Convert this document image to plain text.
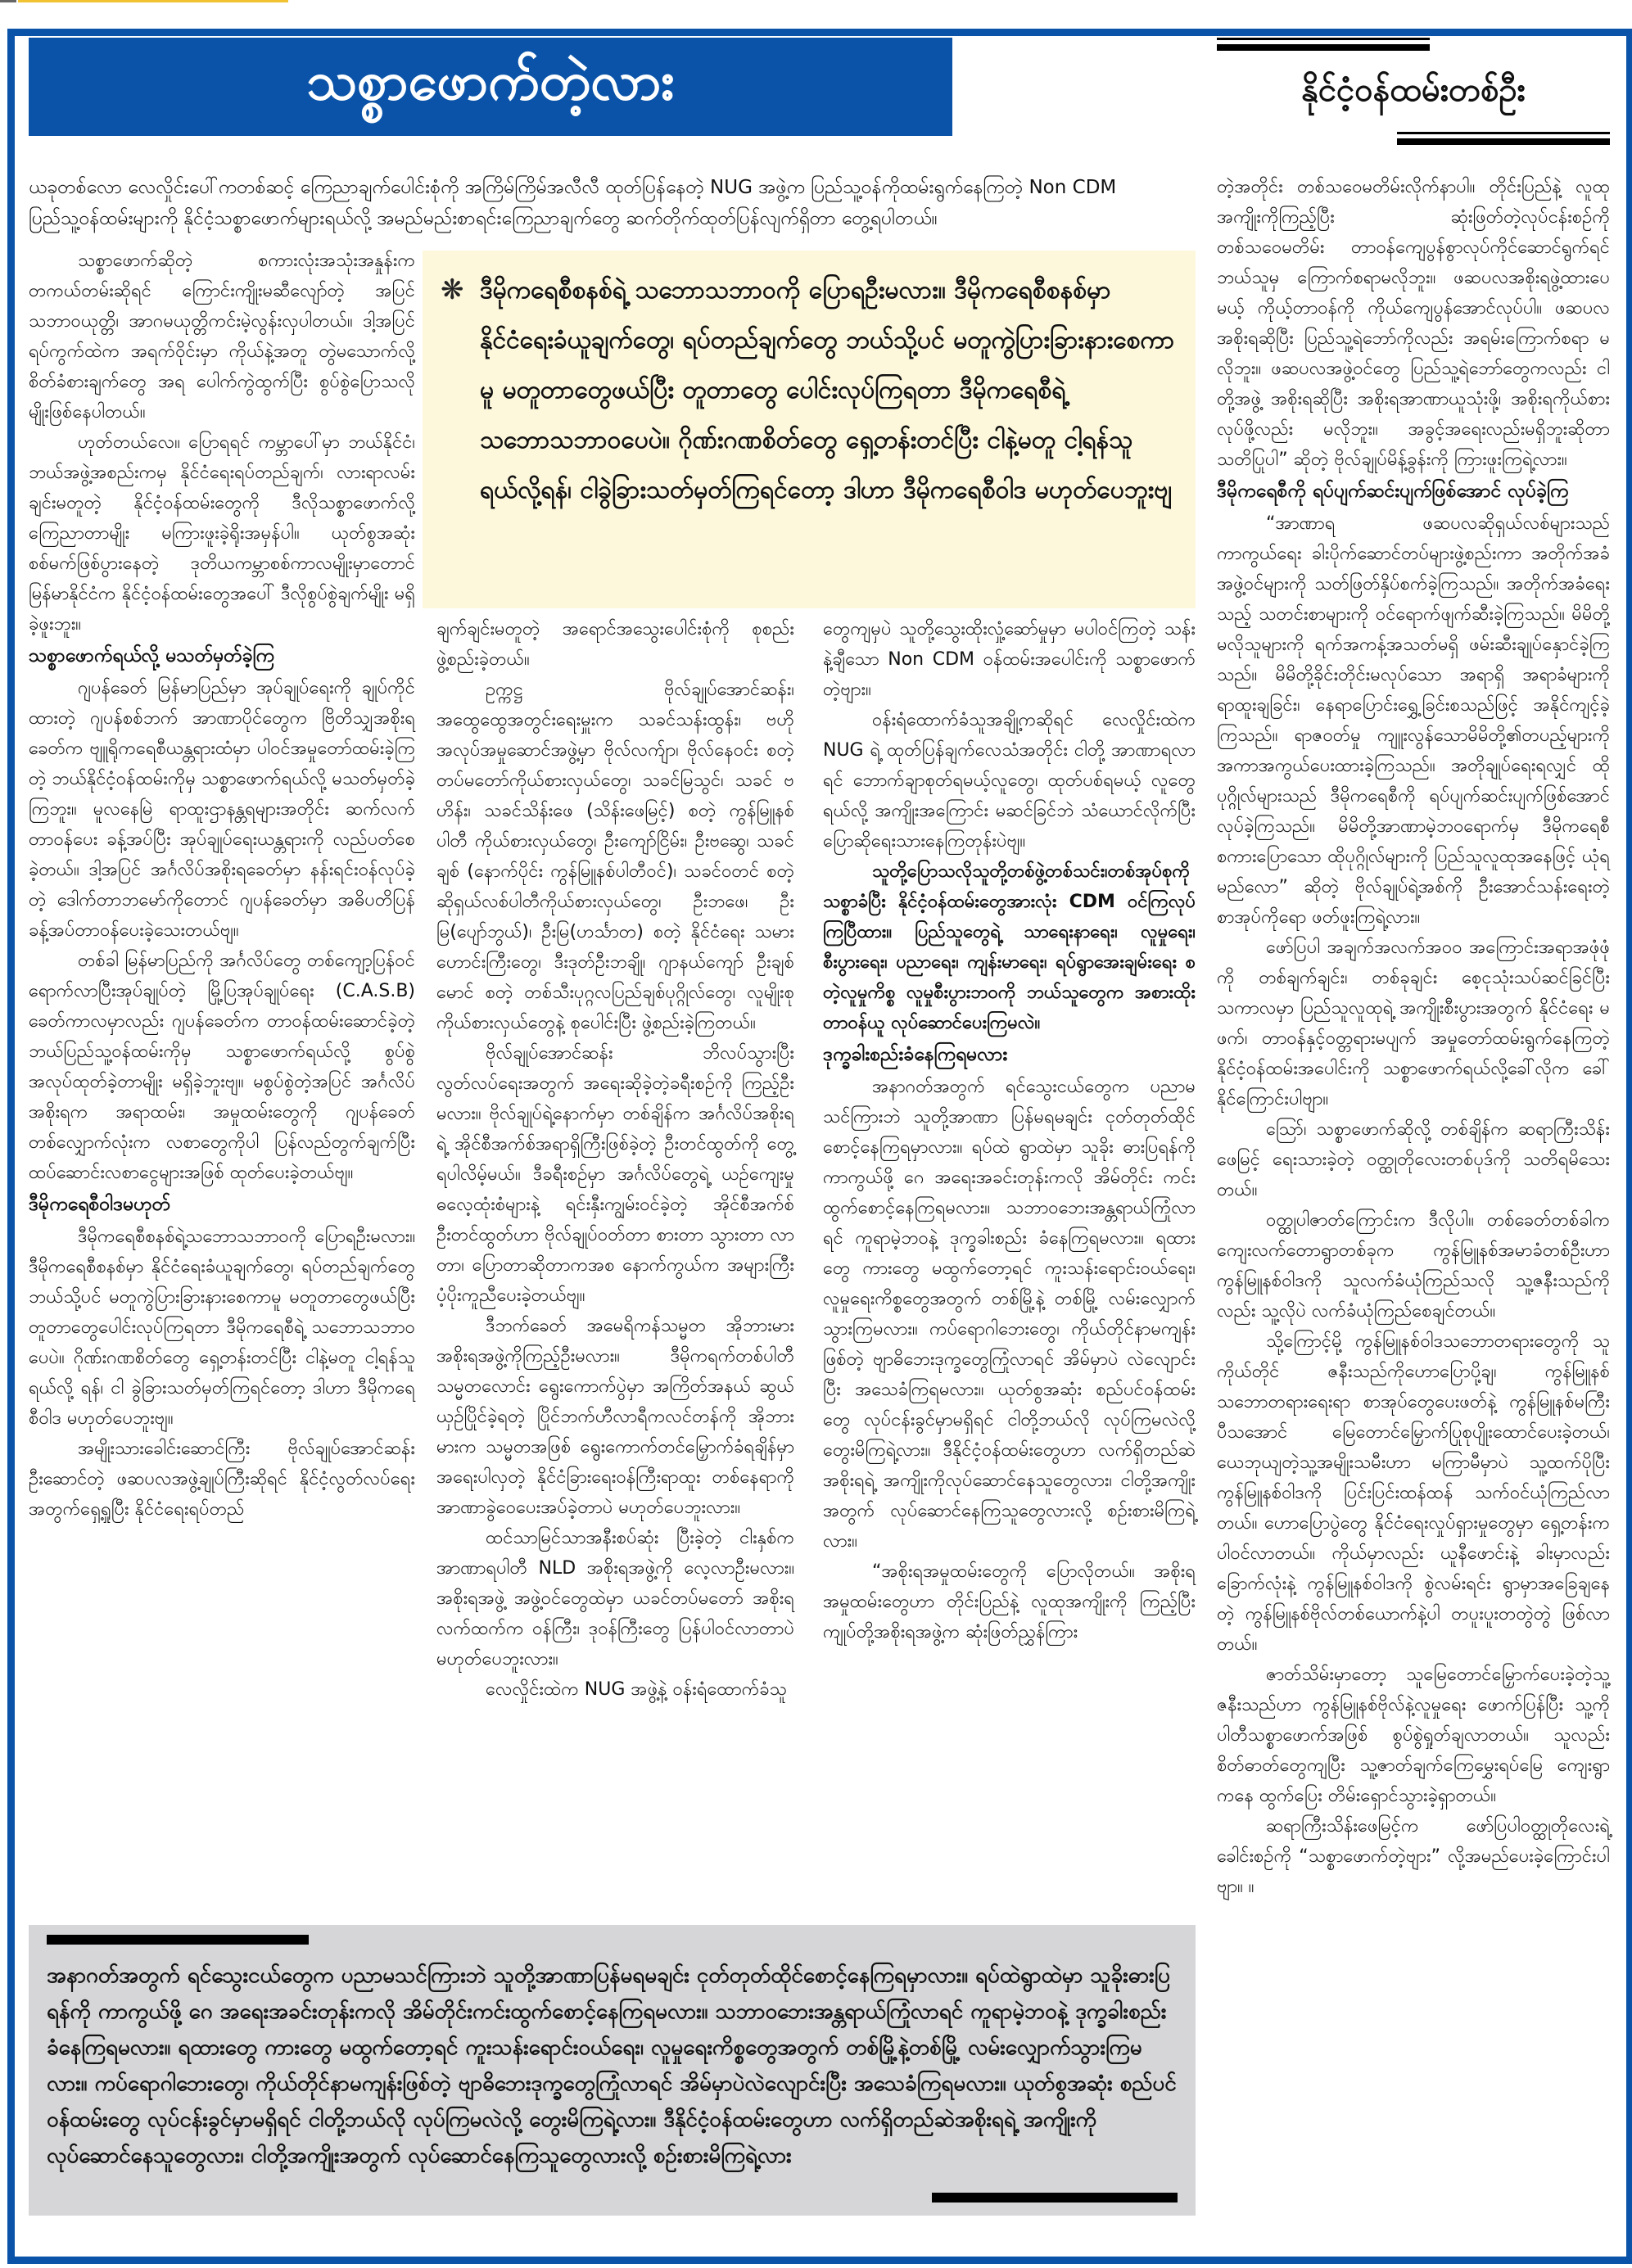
သစ္စာဖောက်တဲ့လား	နိုင်ငံ့ဝန်ထမ်းတစ်ဦး
ယခုတစ်လော လေလှိုင်းပေါ်ကတစ်ဆင့် ကြေညာချက်ပေါင်းစုံကို အကြိမ်ကြိမ်အလီလီ ထုတ်ပြန်နေတဲ့ NUG အဖွဲ့က ပြည်သူ့ဝန်ကိုထမ်းရွက်နေကြတဲ့ Non CDM ပြည်သူ့ဝန်ထမ်းများကို နိုင်ငံ့သစ္စာဖောက်များရယ်လို့ အမည်မည်းစာရင်းကြေညာချက်တွေ ဆက်တိုက်ထုတ်ပြန်လျက်ရှိတာ တွေ့ရပါတယ်။

သစ္စာဖောက်ဆိုတဲ့ စကားလုံးအသုံးအနှုန်းက တကယ်တမ်းဆိုရင် ကြောင်းကျိုးမဆီလျော်တဲ့ အပြင် သဘာဝယုတ္တိ၊ အာဂမယုတ္တိကင်းမဲ့လွန်းလှပါတယ်။ ဒါ့အပြင် ရပ်ကွက်ထဲက အရက်ဝိုင်းမှာ ကိုယ်နဲ့အတူ တွဲမသောက်လို့ စိတ်ခံစားချက်တွေ အရ ပေါက်ကွဲထွက်ပြီး စွပ်စွဲပြောသလိုမျိုးဖြစ်နေပါတယ်။

ဟုတ်တယ်လေ။ ပြောရရင် ကမ္ဘာပေါ်မှာ ဘယ်နိုင်ငံ၊ ဘယ်အဖွဲ့အစည်းကမှ နိုင်ငံရေးရပ်တည်ချက်၊ လားရာလမ်းချင်းမတူတဲ့ နိုင်ငံ့ဝန်ထမ်းတွေကို ဒီလိုသစ္စာဖောက်လို့ ကြေညာတာမျိုး မကြားဖူးခဲ့ရိုးအမှန်ပါ။ ယုတ်စွအဆုံး စစ်မက်ဖြစ်ပွားနေတဲ့ ဒုတိယကမ္ဘာစစ်ကာလမျိုးမှာတောင် မြန်မာနိုင်ငံက နိုင်ငံ့ဝန်ထမ်းတွေအပေါ် ဒီလိုစွပ်စွဲချက်မျိုး မရှိခဲ့ဖူးဘူး။

သစ္စာဖောက်ရယ်လို့ မသတ်မှတ်ခဲ့ကြ

ဂျပန်ခေတ် မြန်မာပြည်မှာ အုပ်ချုပ်ရေးကို ချုပ်ကိုင်ထားတဲ့ ဂျပန်စစ်ဘက် အာဏာပိုင်တွေက ဗြိတိသျှအစိုးရခေတ်က ဗျူရိုကရေစီယန္တရားထံမှာ ပါဝင်အမှုတော်ထမ်းခဲ့ကြတဲ့ ဘယ်နိုင်ငံ့ဝန်ထမ်းကိုမှ သစ္စာဖောက်ရယ်လို့ မသတ်မှတ်ခဲ့ကြဘူး။ မူလနေမြဲ ရာထူးဌာနန္တရများအတိုင်း ဆက်လက်တာဝန်ပေး ခန့်အပ်ပြီး အုပ်ချုပ်ရေးယန္တရားကို လည်ပတ်စေခဲ့တယ်။ ဒါ့အပြင် အင်္ဂလိပ်အစိုးရခေတ်မှာ နန်းရင်းဝန်လုပ်ခဲ့တဲ့ ဒေါက်တာဘမော်ကိုတောင် ဂျပန်ခေတ်မှာ အဓိပတိပြန်ခန့်အပ်တာဝန်ပေးခဲ့သေးတယ်ဗျ။

တစ်ခါ မြန်မာပြည်ကို အင်္ဂလိပ်တွေ တစ်ကျော့ပြန်ဝင်ရောက်လာပြီးအုပ်ချုပ်တဲ့ မြို့ပြအုပ်ချုပ်ရေး (C.A.S.B) ခေတ်ကာလမှာလည်း ဂျပန်ခေတ်က တာဝန်ထမ်းဆောင်ခဲ့တဲ့ ဘယ်ပြည်သူ့ဝန်ထမ်းကိုမှ သစ္စာဖောက်ရယ်လို့ စွပ်စွဲအလုပ်ထုတ်ခဲ့တာမျိုး မရှိခဲ့ဘူးဗျ။ မစွပ်စွဲတဲ့အပြင် အင်္ဂလိပ်အစိုးရက အရာထမ်း၊ အမှုထမ်းတွေကို ဂျပန်ခေတ်တစ်လျှောက်လုံးက လစာတွေကိုပါ ပြန်လည်တွက်ချက်ပြီး ထပ်ဆောင်းလစာငွေများအဖြစ် ထုတ်ပေးခဲ့တယ်ဗျ။

ဒီမိုကရေစီဝါဒမဟုတ်

ဒီမိုကရေစီစနစ်ရဲ့သဘောသဘာဝကို ပြောရဦးမလား။ ဒီမိုကရေစီစနစ်မှာ နိုင်ငံရေးခံယူချက်တွေ၊ ရပ်တည်ချက်တွေ ဘယ်သို့ပင် မတူကွဲပြားခြားနားစေကာမူ မတူတာတွေဖယ်ပြီး တူတာတွေပေါင်းလုပ်ကြရတာ ဒီမိုကရေစီရဲ့ သဘောသဘာဝပေပဲ။ ဂိုဏ်းဂဏစိတ်တွေ ရှေ့တန်းတင်ပြီး ငါနဲ့မတူ ငါ့ရန်သူရယ်လို့ ရန်၊ ငါ ခွဲခြားသတ်မှတ်ကြရင်တော့ ဒါဟာ ဒီမိုကရေစီဝါဒ မဟုတ်ပေဘူးဗျ။

အမျိုးသားခေါင်းဆောင်ကြီး ဗိုလ်ချုပ်အောင်ဆန်း ဦးဆောင်တဲ့ ဖဆပလအဖွဲ့ချုပ်ကြီးဆိုရင် နိုင်ငံ့လွတ်လပ်ရေးအတွက်ရှေ့ရှုပြီး နိုင်ငံရေးရပ်တည်

❋ ဒီမိုကရေစီစနစ်ရဲ့ သဘောသဘာဝကို ပြောရဦးမလား။ ဒီမိုကရေစီစနစ်မှာ နိုင်ငံရေးခံယူချက်တွေ၊ ရပ်တည်ချက်တွေ ဘယ်သို့ပင် မတူကွဲပြားခြားနားစေကာမူ မတူတာတွေဖယ်ပြီး တူတာတွေ ပေါင်းလုပ်ကြရတာ ဒီမိုကရေစီရဲ့ သဘောသဘာဝပေပဲ။ ဂိုဏ်းဂဏစိတ်တွေ ရှေ့တန်းတင်ပြီး ငါနဲ့မတူ ငါ့ရန်သူ ရယ်လို့ရန်၊ ငါခွဲခြားသတ်မှတ်ကြရင်တော့ ဒါဟာ ဒီမိုကရေစီဝါဒ မဟုတ်ပေဘူးဗျ

ချက်ချင်းမတူတဲ့ အရောင်အသွေးပေါင်းစုံကို စုစည်းဖွဲ့စည်းခဲ့တယ်။

ဥက္ကဋ္ဌ ဗိုလ်ချုပ်အောင်ဆန်း၊ အထွေထွေအတွင်းရေးမှူးက သခင်သန်းထွန်း၊ ဗဟိုအလုပ်အမှုဆောင်အဖွဲ့မှာ ဗိုလ်လက်ျာ၊ ဗိုလ်နေဝင်း စတဲ့ တပ်မတော်ကိုယ်စားလှယ်တွေ၊ သခင်မြသွင်၊ သခင် ဗဟိန်း၊ သခင်သိန်းဖေ (သိန်းဖေမြင့်) စတဲ့ ကွန်မြူနစ်ပါတီ ကိုယ်စားလှယ်တွေ၊ ဦးကျော်ငြိမ်း၊ ဦးဗဆွေ၊ သခင်ချစ် (နောက်ပိုင်း ကွန်မြူနစ်ပါတီဝင်)၊ သခင်ဝတင် စတဲ့ ဆိုရှယ်လစ်ပါတီကိုယ်စားလှယ်တွေ၊ ဦးဘဖေ၊ ဦးမြ(ပျော်ဘွယ်)၊ ဦးမြ(ဟင်္သာတ) စတဲ့ နိုင်ငံရေး သမားဟောင်းကြီးတွေ၊ ဒီးဒုတ်ဦးဘချို၊ ဂျာနယ်ကျော် ဦးချစ်မောင် စတဲ့ တစ်သီးပုဂ္ဂလပြည်ချစ်ပုဂ္ဂိုလ်တွေ၊ လူမျိုးစုကိုယ်စားလှယ်တွေနဲ့ စုပေါင်းပြီး ဖွဲ့စည်းခဲ့ကြတယ်။

ဗိုလ်ချုပ်အောင်ဆန်း ဘိလပ်သွားပြီး လွတ်လပ်ရေးအတွက် အရေးဆိုခဲ့တဲ့ခရီးစဉ်ကို ကြည့်ဦးမလား။ ဗိုလ်ချုပ်ရဲ့နောက်မှာ တစ်ချိန်က အင်္ဂလိပ်အစိုးရရဲ့ အိုင်စီအက်စ်အရာရှိကြီးဖြစ်ခဲ့တဲ့ ဦးတင်ထွတ်ကို တွေ့ရပါလိမ့်မယ်။ ဒီခရီးစဉ်မှာ အင်္ဂလိပ်တွေရဲ့ ယဉ်ကျေးမှုဓလေ့ထုံးစံများနဲ့ ရင်းနှီးကျွမ်းဝင်ခဲ့တဲ့ အိုင်စီအက်စ် ဦးတင်ထွတ်ဟာ ဗိုလ်ချုပ်ဝတ်တာ စားတာ သွားတာ လာတာ၊ ပြောတာဆိုတာကအစ နောက်ကွယ်က အများကြီး ပံ့ပိုးကူညီပေးခဲ့တယ်ဗျ။

ဒီဘက်ခေတ် အမေရိကန်သမ္မတ အိုဘားမားအစိုးရအဖွဲ့ကိုကြည့်ဦးမလား။ ဒီမိုကရက်တစ်ပါတီ သမ္မတလောင်း ရွေးကောက်ပွဲမှာ အကြိတ်အနယ် ဆွယ်ယှဉ်ပြိုင်ခဲ့ရတဲ့ ပြိုင်ဘက်ဟီလာရီကလင်တန်ကို အိုဘားမားက သမ္မတအဖြစ် ရွေးကောက်တင်မြှောက်ခံရချိန်မှာ အရေးပါလှတဲ့ နိုင်ငံခြားရေးဝန်ကြီးရာထူး တစ်နေရာကို အာဏာခွဲဝေပေးအပ်ခဲ့တာပဲ မဟုတ်ပေဘူးလား။

ထင်သာမြင်သာအနီးစပ်ဆုံး ပြီးခဲ့တဲ့ ငါးနှစ်က အာဏာရပါတီ NLD အစိုးရအဖွဲ့ကို လေ့လာဦးမလား။ အစိုးရအဖွဲ့ အဖွဲ့ဝင်တွေထဲမှာ ယခင်တပ်မတော် အစိုးရလက်ထက်က ဝန်ကြီး၊ ဒုဝန်ကြီးတွေ ပြန်ပါဝင်လာတာပဲ မဟုတ်ပေဘူးလား။

လေလှိုင်းထဲက NUG အဖွဲ့နဲ့ ဝန်းရံထောက်ခံသူ

တွေကျမှပဲ သူတို့သွေးထိုးလှုံ့ဆော်မှုမှာ မပါဝင်ကြတဲ့ သန်းနဲ့ချီသော Non CDM ဝန်ထမ်းအပေါင်းကို သစ္စာဖောက်တဲ့ဗျား။

ဝန်းရံထောက်ခံသူအချို့ကဆိုရင် လေလှိုင်းထဲက NUG ရဲ့ ထုတ်ပြန်ချက်လေသံအတိုင်း ငါတို့ အာဏာရလာရင် ဘောက်ချာစုတ်ရမယ့်လူတွေ၊ ထုတ်ပစ်ရမယ့် လူတွေရယ်လို့ အကျိုးအကြောင်း မဆင်ခြင်ဘဲ သံယောင်လိုက်ပြီး ပြောဆိုရေးသားနေကြတုန်းပဲဗျ။

သူတို့ပြောသလိုသူတို့တစ်ဖွဲ့တစ်သင်း၊တစ်အုပ်စုကိုသစ္စာခံပြီး နိုင်ငံ့ဝန်ထမ်းတွေအားလုံး CDM ဝင်ကြလုပ်ကြပြီထား။ ပြည်သူတွေရဲ့ သာရေးနာရေး၊ လူမှုရေး၊ စီးပွားရေး၊ ပညာရေး၊ ကျန်းမာရေး၊ ရပ်ရွာအေးချမ်းရေး စတဲ့လူမှုကိစ္စ လူမှုစီးပွားဘဝကို ဘယ်သူတွေက အစားထိုးတာဝန်ယူ လုပ်ဆောင်ပေးကြမလဲ။

ဒုက္ခခါးစည်းခံနေကြရမလား

အနာဂတ်အတွက် ရင်သွေးငယ်တွေက ပညာမသင်ကြားဘဲ သူတို့အာဏာ ပြန်မရမချင်း ငုတ်တုတ်ထိုင်စောင့်နေကြရမှာလား။ ရပ်ထဲ ရွာထဲမှာ သူခိုး ဓားပြရန်ကို ကာကွယ်ဖို့ ဂေ အရေးအခင်းတုန်းကလို အိမ်တိုင်း ကင်းထွက်စောင့်နေကြရမလား။ သဘာဝဘေးအန္တရာယ်ကြုံလာရင် ကူရာမဲ့ဘဝနဲ့ ဒုက္ခခါးစည်း ခံနေကြရမလား။ ရထားတွေ ကားတွေ မထွက်တော့ရင် ကူးသန်းရောင်းဝယ်ရေး၊ လူမှုရေးကိစ္စတွေအတွက် တစ်မြို့နဲ့ တစ်မြို့ လမ်းလျှောက်သွားကြမလား။ ကပ်ရောဂါဘေးတွေ၊ ကိုယ်တိုင်နာမကျန်းဖြစ်တဲ့ ဗျာဓိဘေးဒုက္ခတွေကြုံလာရင် အိမ်မှာပဲ လဲလျောင်းပြီး အသေခံကြရမလား။ ယုတ်စွအဆုံး စည်ပင်ဝန်ထမ်းတွေ လုပ်ငန်းခွင်မှာမရှိရင် ငါတို့ဘယ်လို လုပ်ကြမလဲလို့ တွေးမိကြရဲ့လား။ ဒီနိုင်ငံ့ဝန်ထမ်းတွေဟာ လက်ရှိတည်ဆဲအစိုးရရဲ့ အကျိုးကိုလုပ်ဆောင်နေသူတွေလား၊ ငါတို့အကျိုးအတွက် လုပ်ဆောင်နေကြသူတွေလားလို့ စဉ်းစားမိကြရဲ့လား။

“အစိုးရအမှုထမ်းတွေကို ပြောလိုတယ်။ အစိုးရအမှုထမ်းတွေဟာ တိုင်းပြည်နဲ့ လူထုအကျိုးကို ကြည့်ပြီး ကျုပ်တို့အစိုးရအဖွဲ့က ဆုံးဖြတ်ညွှန်ကြား

တဲ့အတိုင်း တစ်သဝေမတိမ်းလိုက်နာပါ။ တိုင်းပြည်နဲ့ လူထုအကျိုးကိုကြည့်ပြီး ဆုံးဖြတ်တဲ့လုပ်ငန်းစဉ်ကို တစ်သဝေမတိမ်း တာဝန်ကျေပွန်စွာလုပ်ကိုင်ဆောင်ရွက်ရင် ဘယ်သူမှ ကြောက်စရာမလိုဘူး။ ဖဆပလအစိုးရဖွဲ့ထားပေမယ့် ကိုယ့်တာဝန်ကို ကိုယ်ကျေပွန်အောင်လုပ်ပါ။ ဖဆပလအစိုးရဆိုပြီး ပြည်သူ့ရဲဘော်ကိုလည်း အရမ်းကြောက်စရာ မလိုဘူး။ ဖဆပလအဖွဲ့ဝင်တွေ ပြည်သူ့ရဲဘော်တွေကလည်း ငါတို့အဖွဲ့ အစိုးရဆိုပြီး အစိုးရအာဏာယူသုံးဖို့၊ အစိုးရကိုယ်စားလုပ်ဖို့လည်း မလိုဘူး။ အခွင့်အရေးလည်းမရှိဘူးဆိုတာ သတိပြုပါ” ဆိုတဲ့ ဗိုလ်ချုပ်မိန့်ခွန်းကို ကြားဖူးကြရဲ့လား။

ဒီမိုကရေစီကို ရပ်ပျက်ဆင်းပျက်ဖြစ်အောင် လုပ်ခဲ့ကြ

“အာဏာရ ဖဆပလဆိုရှယ်လစ်များသည် ကာကွယ်ရေး ခါးပိုက်ဆောင်တပ်များဖွဲ့စည်းကာ အတိုက်အခံအဖွဲ့ဝင်များကို သတ်ဖြတ်နှိပ်စက်ခဲ့ကြသည်။ အတိုက်အခံရေးသည့် သတင်းစာများကို ဝင်ရောက်ဖျက်ဆီးခဲ့ကြသည်။ မိမိတို့မလိုသူများကို ရက်အကန့်အသတ်မရှိ ဖမ်းဆီးချုပ်နှောင်ခဲ့ကြသည်။ မိမိတို့ခိုင်းတိုင်းမလုပ်သော အရာရှိ အရာခံများကို ရာထူးချခြင်း၊ နေရာပြောင်းရွှေ့ခြင်းစသည်ဖြင့် အနိုင်ကျင့်ခဲ့ကြသည်။ ရာဇဝတ်မှု ကျူးလွန်သောမိမိတို့၏တပည့်များကို အကာအကွယ်ပေးထားခဲ့ကြသည်။ အတိုချုပ်ရေးရလျှင် ထိုပုဂ္ဂိုလ်များသည် ဒီမိုကရေစီကို ရပ်ပျက်ဆင်းပျက်ဖြစ်အောင်လုပ်ခဲ့ကြသည်။ မိမိတို့အာဏာမဲ့ဘဝရောက်မှ ဒီမိုကရေစီစကားပြောသော ထိုပုဂ္ဂိုလ်များကို ပြည်သူလူထုအနေဖြင့် ယုံရမည်လော” ဆိုတဲ့ ဗိုလ်ချုပ်ရဲ့အစ်ကို ဦးအောင်သန်းရေးတဲ့ စာအုပ်ကိုရော ဖတ်ဖူးကြရဲ့လား။

ဖော်ပြပါ အချက်အလက်အဝဝ အကြောင်းအရာအဖုံဖုံကို တစ်ချက်ချင်း၊ တစ်ခုချင်း စေ့ငုသုံးသပ်ဆင်ခြင်ပြီးသကာလမှာ ပြည်သူလူထုရဲ့ အကျိုးစီးပွားအတွက် နိုင်ငံရေး မဖက်၊ တာဝန်နှင့်ဝတ္တရားမပျက် အမှုတော်ထမ်းရွက်နေကြတဲ့ နိုင်ငံ့ဝန်ထမ်းအပေါင်းကို သစ္စာဖောက်ရယ်လို့ခေါ်လိုက ခေါ်နိုင်ကြောင်းပါဗျာ။

ဪ၊ သစ္စာဖောက်ဆိုလို့ တစ်ချိန်က ဆရာကြီးသိန်းဖေမြင့် ရေးသားခဲ့တဲ့ ဝတ္ထုတိုလေးတစ်ပုဒ်ကို သတိရမိသေးတယ်။

ဝတ္ထုပါဇာတ်ကြောင်းက ဒီလိုပါ။ တစ်ခေတ်တစ်ခါက ကျေးလက်တောရွာတစ်ခုက ကွန်မြူနစ်အမာခံတစ်ဦးဟာ ကွန်မြူနစ်ဝါဒကို သူလက်ခံယုံကြည်သလို သူ့ဇနီးသည်ကိုလည်း သူ့လိုပဲ လက်ခံယုံကြည်စေချင်တယ်။

သို့ကြောင့်မို့ ကွန်မြူနစ်ဝါဒသဘောတရားတွေကို သူကိုယ်တိုင် ဇနီးသည်ကိုဟောပြောပို့ချ၊ ကွန်မြူနစ်သဘောတရားရေးရာ စာအုပ်တွေပေးဖတ်နဲ့ ကွန်မြူနစ်မကြီး ပီသအောင် မြေတောင်မြှောက်ပြုစုပျိုးထောင်ပေးခဲ့တယ်၊ ယေဘုယျတဲ့သူ့အမျိုးသမီးဟာ မကြာမီမှာပဲ သူ့ထက်ပိုပြီး ကွန်မြူနစ်ဝါဒကို ပြင်းပြင်းထန်ထန် သက်ဝင်ယုံကြည်လာတယ်။ ဟောပြောပွဲတွေ နိုင်ငံရေးလှုပ်ရှားမှုတွေမှာ ရှေ့တန်းက ပါဝင်လာတယ်။ ကိုယ်မှာလည်း ယူနီဖောင်းနဲ့ ခါးမှာလည်းခြောက်လုံးနဲ့ ကွန်မြူနစ်ဝါဒကို စွဲလမ်းရင်း ရွာမှာအခြေချနေတဲ့ ကွန်မြူနစ်ဗိုလ်တစ်ယောက်နဲ့ပါ တပူးပူးတတွဲတွဲ ဖြစ်လာတယ်။

ဇာတ်သိမ်းမှာတော့ သူမြေတောင်မြှောက်ပေးခဲ့တဲ့သူ့ဇနီးသည်ဟာ ကွန်မြူနစ်ဗိုလ်နဲ့လူမှုရေး ဖောက်ပြန်ပြီး သူ့ကိုပါတီသစ္စာဖောက်အဖြစ် စွပ်စွဲရှုတ်ချလာတယ်။ သူလည်းစိတ်ဓာတ်တွေကျပြီး သူ့ဇာတ်ချက်ကြေမွှေးရပ်မြေ ကျေးရွာကနေ ထွက်ပြေး တိမ်းရှောင်သွားခဲ့ရှာတယ်။

ဆရာကြီးသိန်းဖေမြင့်က ဖော်ပြပါဝတ္ထုတိုလေးရဲ့ခေါင်းစဉ်ကို “သစ္စာဖောက်တဲ့ဗျား” လို့အမည်ပေးခဲ့ကြောင်းပါဗျာ။ ။

အနာဂတ်အတွက် ရင်သွေးငယ်တွေက ပညာမသင်ကြားဘဲ သူတို့အာဏာပြန်မရမချင်း ငုတ်တုတ်ထိုင်စောင့်နေကြရမှာလား။ ရပ်ထဲရွာထဲမှာ သူခိုးဓားပြရန်ကို ကာကွယ်ဖို့ ဂေ အရေးအခင်းတုန်းကလို အိမ်တိုင်းကင်းထွက်စောင့်နေကြရမလား။ သဘာဝဘေးအန္တရာယ်ကြုံလာရင် ကူရာမဲ့ဘဝနဲ့ ဒုက္ခခါးစည်းခံနေကြရမလား။ ရထားတွေ ကားတွေ မထွက်တော့ရင် ကူးသန်းရောင်းဝယ်ရေး၊ လူမှုရေးကိစ္စတွေအတွက် တစ်မြို့နဲ့တစ်မြို့ လမ်းလျှောက်သွားကြမလား။ ကပ်ရောဂါဘေးတွေ၊ ကိုယ်တိုင်နာမကျန်းဖြစ်တဲ့ ဗျာဓိဘေးဒုက္ခတွေကြုံလာရင် အိမ်မှာပဲလဲလျောင်းပြီး အသေခံကြရမလား။ ယုတ်စွအဆုံး စည်ပင်ဝန်ထမ်းတွေ လုပ်ငန်းခွင်မှာမရှိရင် ငါတို့ဘယ်လို လုပ်ကြမလဲလို့ တွေးမိကြရဲ့လား။ ဒီနိုင်ငံ့ဝန်ထမ်းတွေဟာ လက်ရှိတည်ဆဲအစိုးရရဲ့ အကျိုးကိုလုပ်ဆောင်နေသူတွေလား၊ ငါတို့အကျိုးအတွက် လုပ်ဆောင်နေကြသူတွေလားလို့ စဉ်းစားမိကြရဲ့လား
